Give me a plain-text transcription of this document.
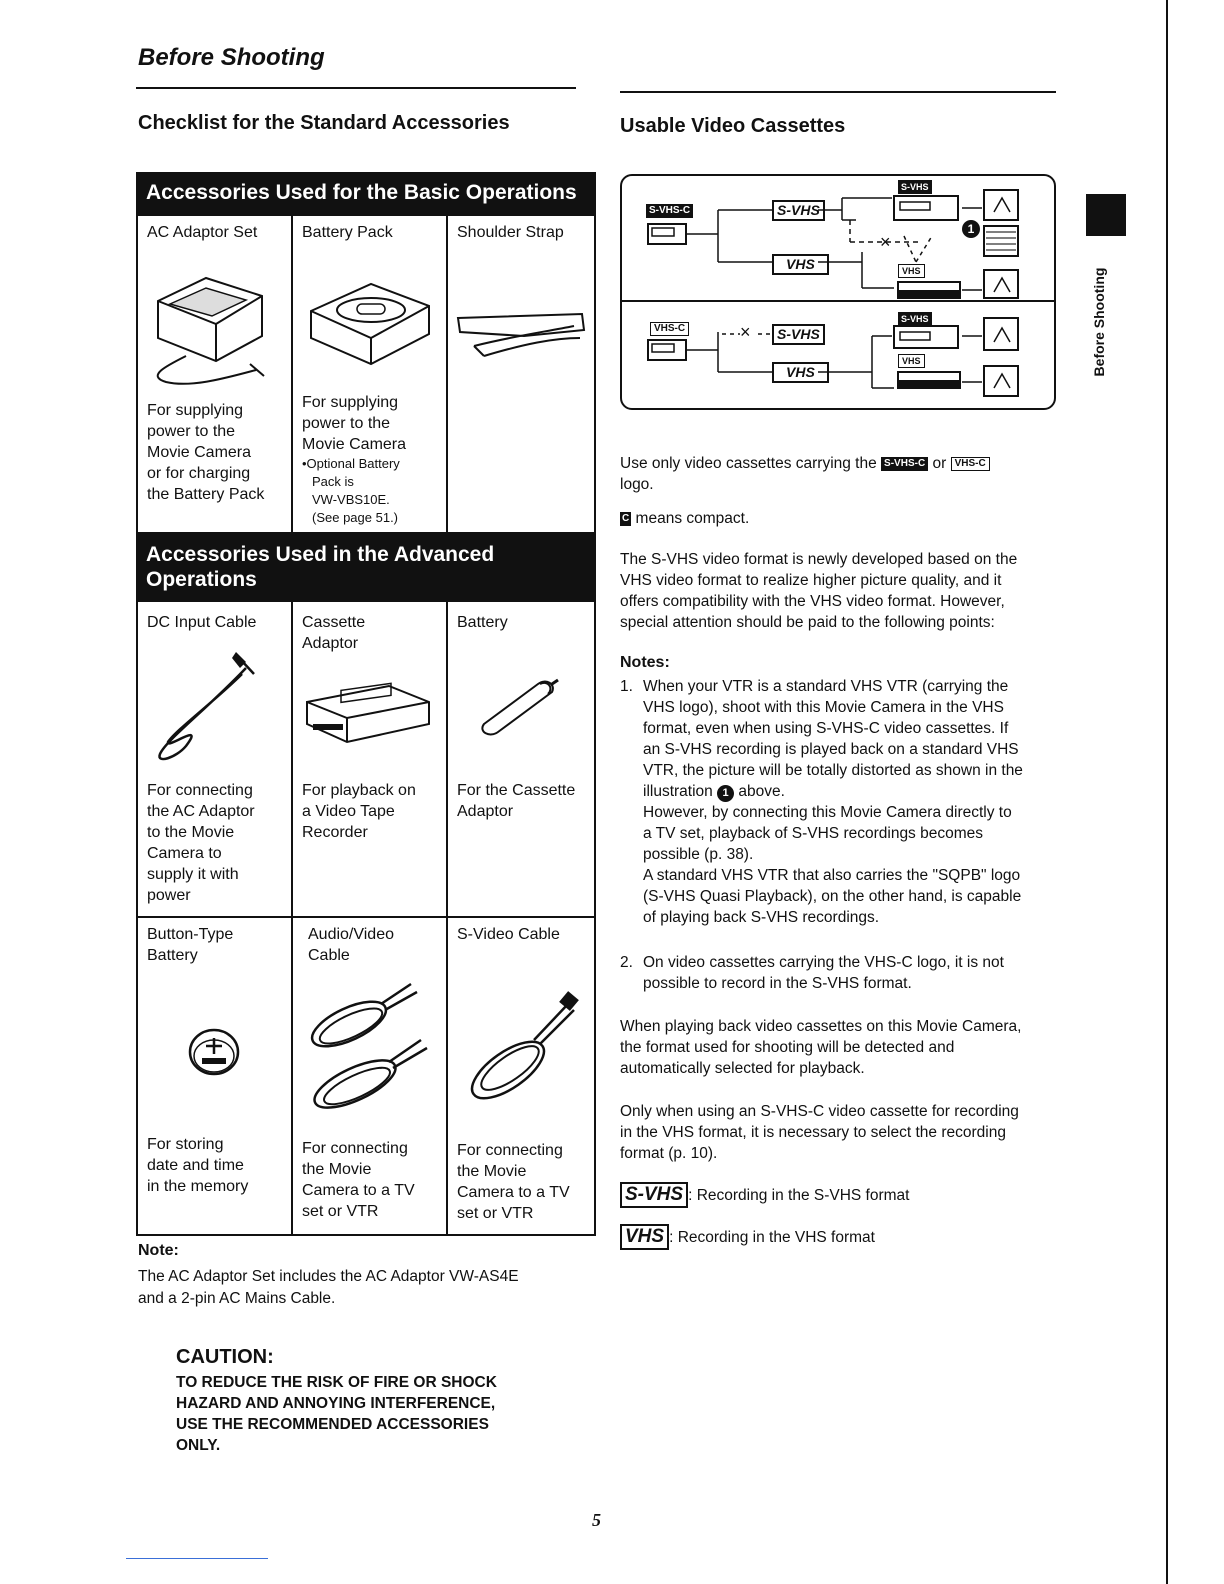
Before Shooting
Before Shooting
Checklist for the Standard Accessories
Accessories Used for the Basic Operations
AC Adaptor Set
For supplying
power to the
Movie Camera
or for charging
the Battery Pack
Battery Pack
For supplying
power to the
Movie Camera
•Optional Battery
Pack is
VW-VBS10E.
(See page 51.)
Shoulder Strap
Accessories Used in the Advanced
Operations
DC Input Cable
For connecting
the AC Adaptor
to the Movie
Camera to
supply it with
power
Cassette
Adaptor
For playback on
a Video Tape
Recorder
Battery
For the Cassette
Adaptor
Button-Type
Battery
For storing
date and time
in the memory
Audio/Video
Cable
For connecting
the Movie
Camera to a TV
set or VTR
S-Video Cable
For connecting
the Movie
Camera to a TV
set or VTR
Note:
The AC Adaptor Set includes the AC Adaptor VW-AS4E
and a 2-pin AC Mains Cable.
CAUTION:
TO REDUCE THE RISK OF FIRE OR SHOCK
HAZARD AND ANNOYING INTERFERENCE,
USE THE RECOMMENDED ACCESSORIES
ONLY.
Usable Video Cassettes
S-VHS-C	S-VHS
VHS
S-VHS
VHS
1
×
VHS-C	×	S-VHS
VHS
S-VHS
VHS

Use only video cassettes carrying the S-VHS-C or VHS-C

logo.

C means compact.

The S-VHS video format is newly developed based on the

VHS video format to realize higher picture quality, and it

offers compatibility with the VHS video format. However,

special attention should be paid to the following points:

Notes:
1. When your VTR is a standard VHS VTR (carrying the

VHS logo), shoot with this Movie Camera in the VHS

format, even when using S-VHS-C video cassettes. If

an S-VHS recording is played back on a standard VHS

VTR, the picture will be totally distorted as shown in the

illustration 1 above.

However, by connecting this Movie Camera directly to

a TV set, playback of S-VHS recordings becomes

possible (p. 38).

A standard VHS VTR that also carries the "SQPB" logo

(S-VHS Quasi Playback), on the other hand, is capable

of playing back S-VHS recordings.

2. On video cassettes carrying the VHS-C logo, it is not

possible to record in the S-VHS format.

When playing back video cassettes on this Movie Camera,

the format used for shooting will be detected and

automatically selected for playback.

Only when using an S-VHS-C video cassette for recording

in the VHS format, it is necessary to select the recording

format (p. 10).

S-VHS : Recording in the S-VHS format
VHS : Recording in the VHS format
5
